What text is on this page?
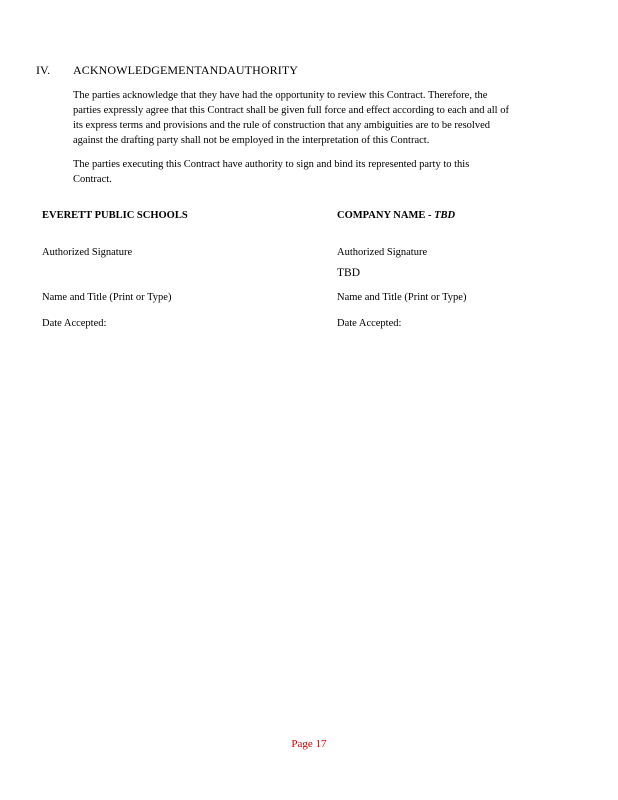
IV. ACKNOWLEDGEMENTANDAUTHORITY
The parties acknowledge that they have had the opportunity to review this Contract. Therefore, the
parties expressly agree that this Contract shall be given full force and effect according to each and all of
its express terms and provisions and the rule of construction that any ambiguities are to be resolved
against the drafting party shall not be employed in the interpretation of this Contract.
The parties executing this Contract have authority to sign and bind its represented party to this
Contract.
EVERETT PUBLIC SCHOOLS
Authorized Signature
Name and Title (Print or Type)
Date Accepted:
COMPANY NAME - TBD
Authorized Signature
TBD
Name and Title (Print or Type)
Date Accepted:
Page 17
